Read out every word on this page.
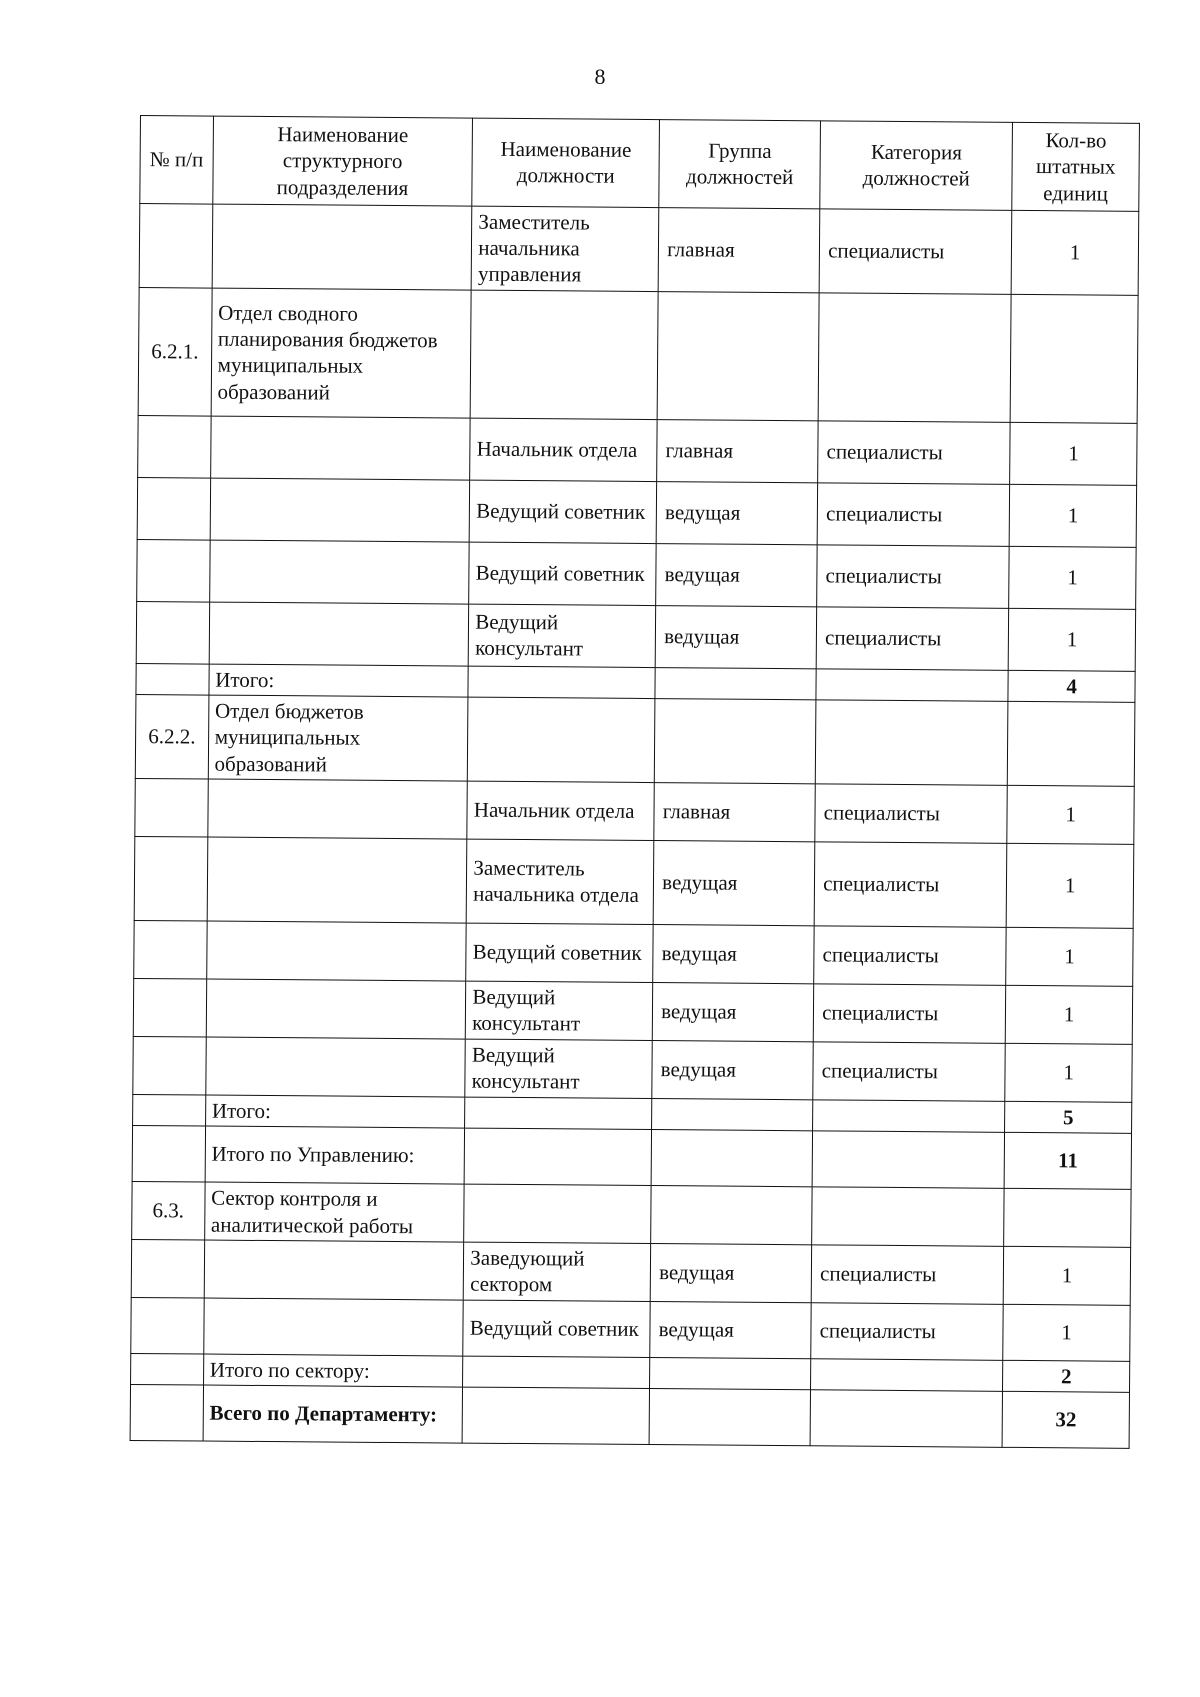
8
№ п/п	Наименование структурного подразделения	Наименование должности	Группа должностей	Категория должностей	Кол-во штатных единиц
		Заместитель начальника управления	главная	специалисты	1
6.2.1.	Отдел сводного планирования бюджетов муниципальных образований				
		Начальник отдела	главная	специалисты	1
		Ведущий советник	ведущая	специалисты	1
		Ведущий советник	ведущая	специалисты	1
		Ведущий консультант	ведущая	специалисты	1
	Итого:				4
6.2.2.	Отдел бюджетов муниципальных образований				
		Начальник отдела	главная	специалисты	1
		Заместитель начальника отдела	ведущая	специалисты	1
		Ведущий советник	ведущая	специалисты	1
		Ведущий консультант	ведущая	специалисты	1
		Ведущий консультант	ведущая	специалисты	1
	Итого:				5
	Итого по Управлению:				11
6.3.	Сектор контроля и аналитической работы				
		Заведующий сектором	ведущая	специалисты	1
		Ведущий советник	ведущая	специалисты	1
	Итого по сектору:				2
	Всего по Департаменту:				32
